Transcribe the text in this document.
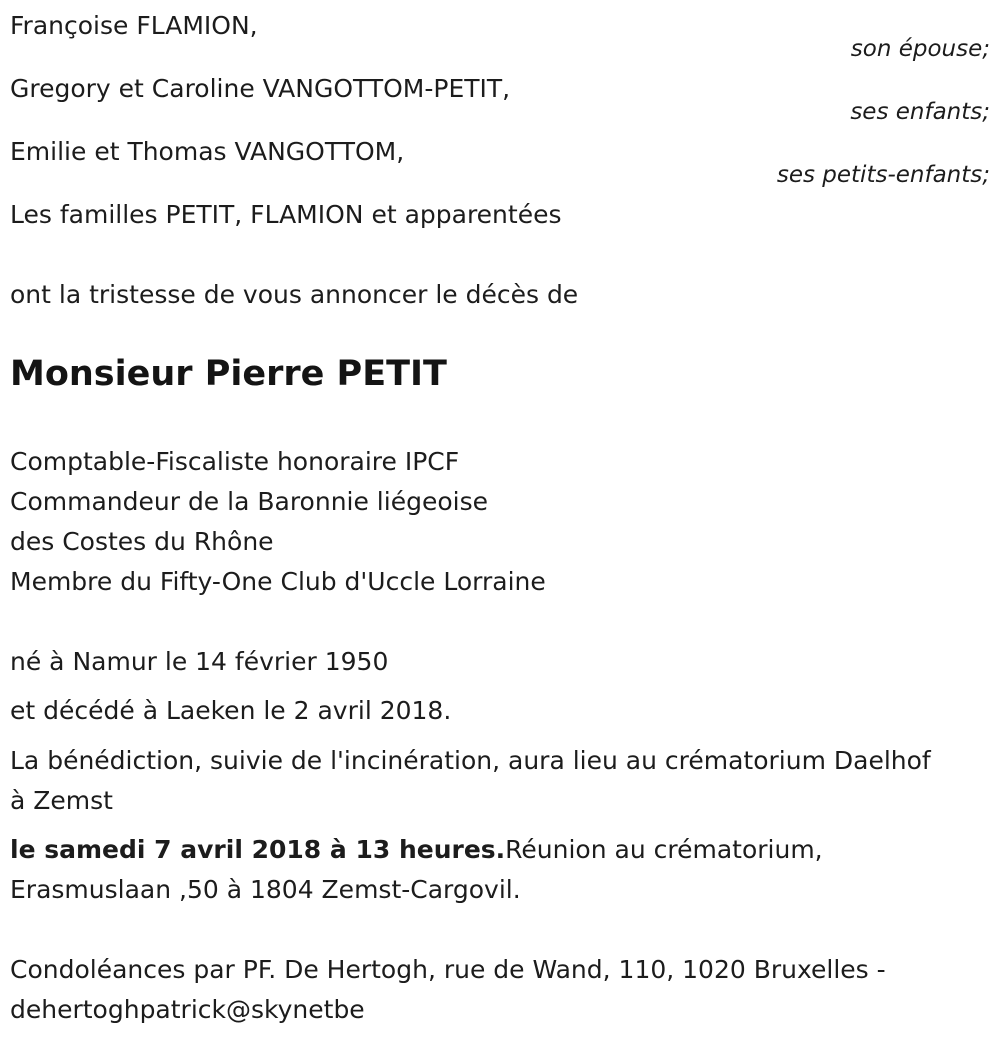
Françoise FLAMION,
son épouse;
Gregory et Caroline VANGOTTOM-PETIT,
ses enfants;
Emilie et Thomas VANGOTTOM,
ses petits-enfants;
Les familles PETIT, FLAMION et apparentées
ont la tristesse de vous annoncer le décès de
Monsieur Pierre PETIT
Comptable-Fiscaliste honoraire IPCF
Commandeur de la Baronnie liégeoise
des Costes du Rhône
Membre du Fifty-One Club d'Uccle Lorraine
né à Namur le 14 février 1950
et décédé à Laeken le 2 avril 2018.
La bénédiction, suivie de l'incinération, aura lieu au crématorium Daelhof
à Zemst
le samedi 7 avril 2018 à 13 heures.Réunion au crématorium,
Erasmuslaan ,50 à 1804 Zemst-Cargovil.
Condoléances par PF. De Hertogh, rue de Wand, 110, 1020 Bruxelles -
dehertoghpatrick@skynetbe
